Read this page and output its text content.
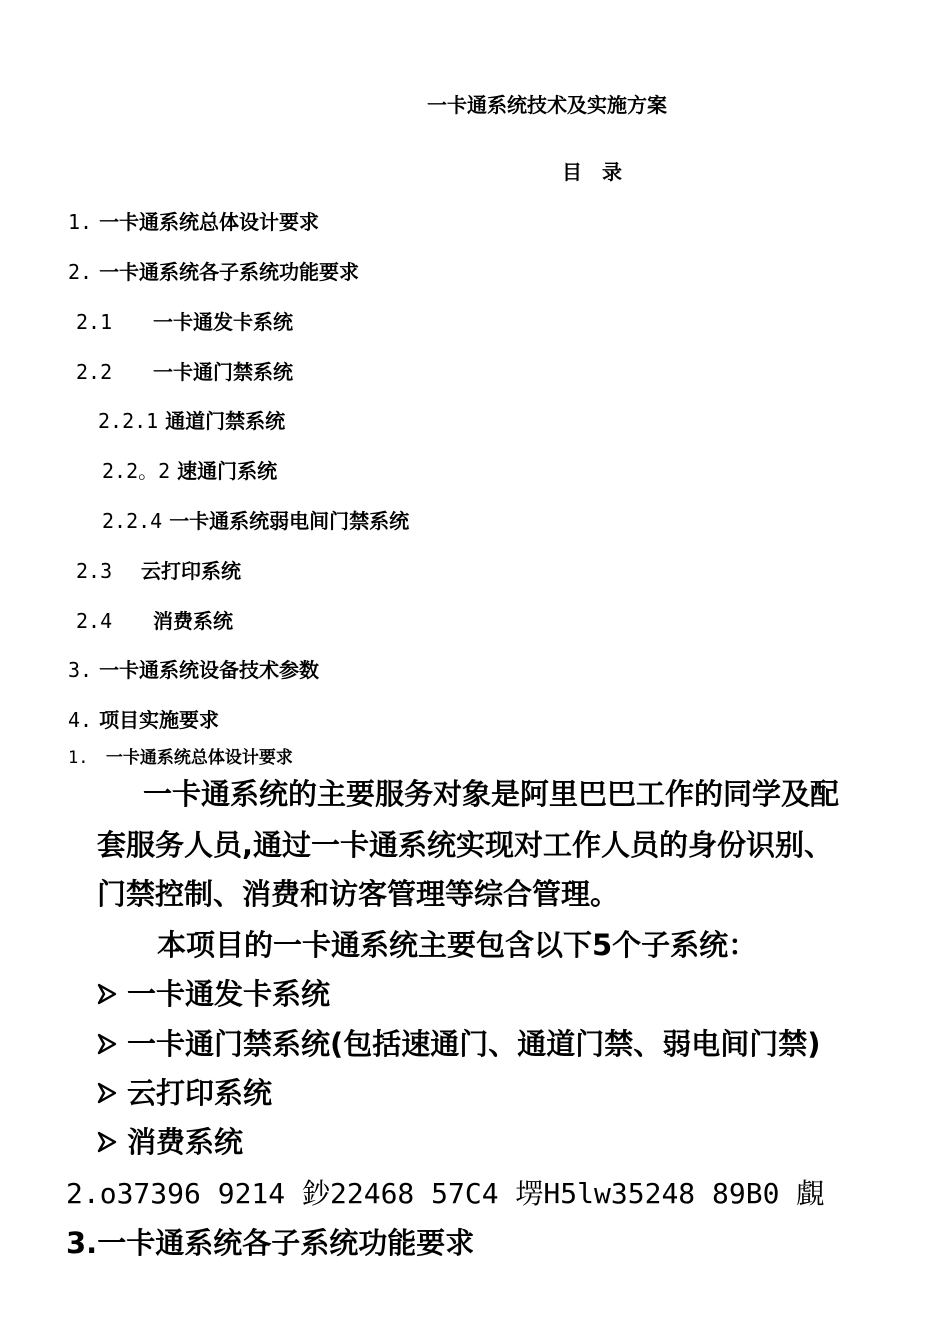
一卡通系统技术及实施方案
目　录
1. 一卡通系统总体设计要求
2. 一卡通系统各子系统功能要求
2.1 一卡通发卡系统
2.2 一卡通门禁系统
2.2.1 通道门禁系统
2.2。2 速通门系统
2.2.4 一卡通系统弱电间门禁系统
2.3 云打印系统
2.4 消费系统
3. 一卡通系统设备技术参数
4. 项目实施要求
1. 一卡通系统总体设计要求
一卡通系统的主要服务对象是阿里巴巴工作的同学及配
套服务人员,通过一卡通系统实现对工作人员的身份识别、
门禁控制、消费和访客管理等综合管理。
本项目的一卡通系统主要包含以下5个子系统：
一卡通发卡系统
一卡通门禁系统(包括速通门、通道门禁、弱电间门禁)
云打印系统
消费系统
2.o37396 9214 鈔22468 57C4 塄H5lw35248 89B0 覰
3.一卡通系统各子系统功能要求
